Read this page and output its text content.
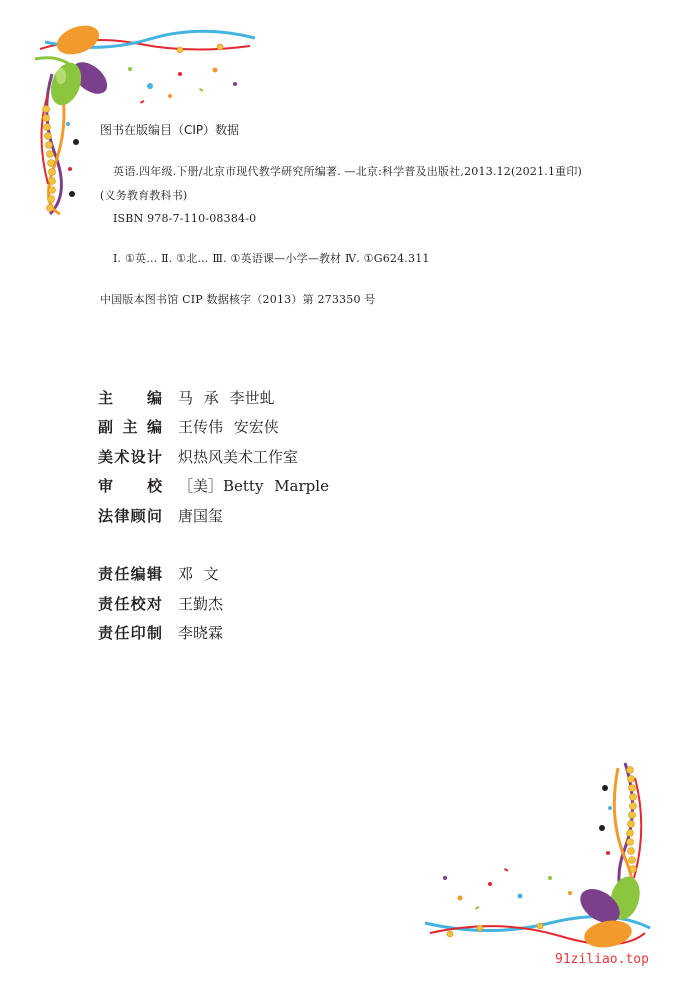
图书在版编目（CIP）数据
英语.四年级.下册/北京市现代教学研究所编著. —北京:科学普及出版社,2013.12(2021.1重印)
(义务教育教科书)
ISBN 978-7-110-08384-0
Ⅰ. ①英… Ⅱ. ①北… Ⅲ. ①英语课—小学—教材 Ⅳ. ①G624.311
中国版本图书馆 CIP 数据核字（2013）第 273350 号
主编 马 承 李世虬
副主编 王传伟 安宏侠
美术设计 炽热风美术工作室
审校 ［美］Betty Marple
法律顾问 唐国玺
责任编辑 邓 文
责任校对 王勤杰
责任印制 李晓霖
91ziliao.top
